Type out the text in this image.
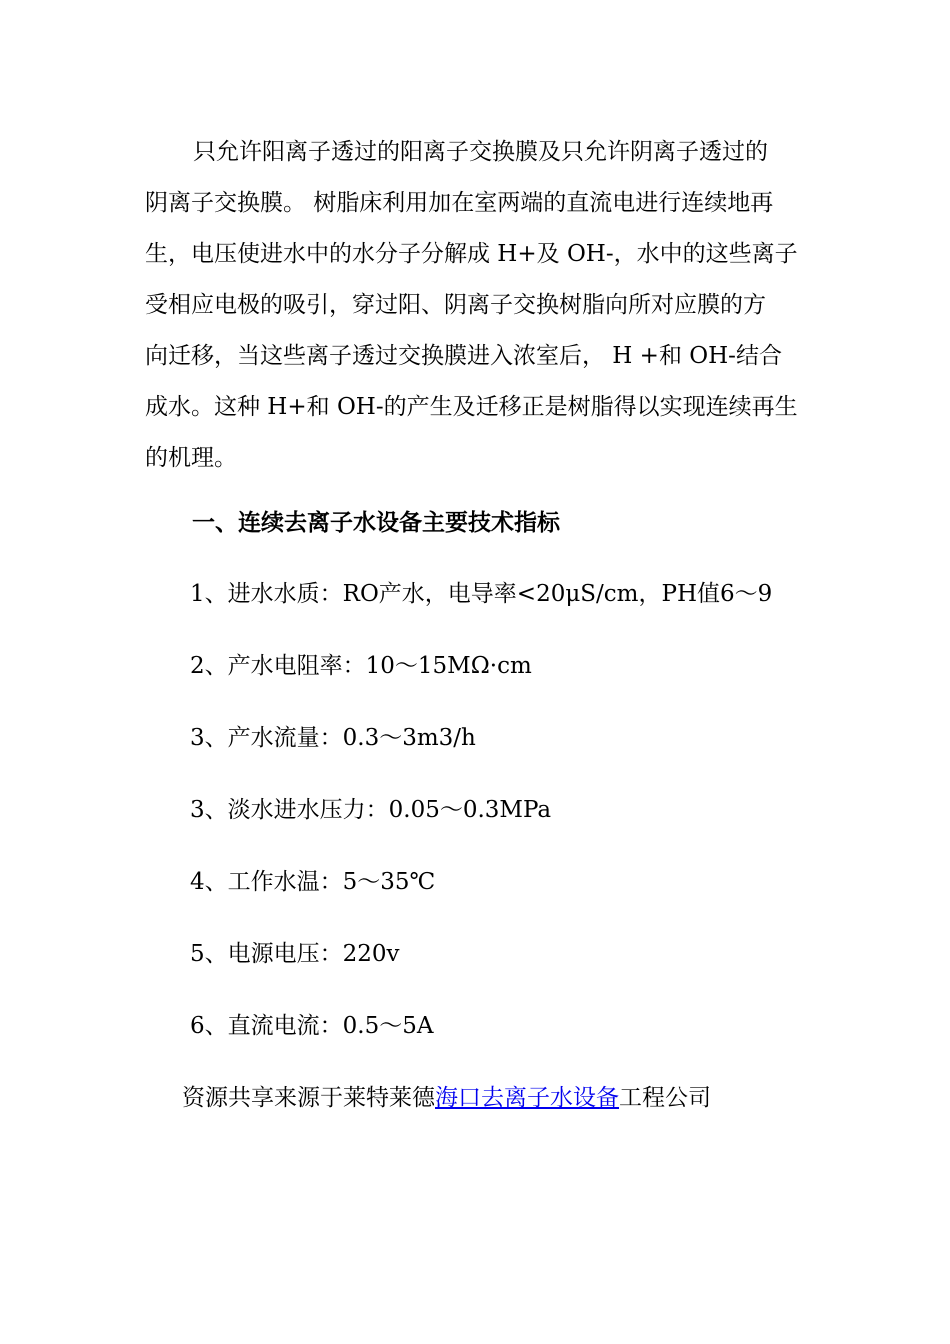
只允许阳离子透过的阳离子交换膜及只允许阴离子透过的
阴离子交换膜。 树脂床利用加在室两端的直流电进行连续地再
生，电压使进水中的水分子分解成 H+及 OH-，水中的这些离子
受相应电极的吸引，穿过阳、阴离子交换树脂向所对应膜的方
向迁移，当这些离子透过交换膜进入浓室后， H +和 OH-结合
成水。这种 H+和 OH-的产生及迁移正是树脂得以实现连续再生
的机理。
一、连续去离子水设备主要技术指标
1、进水水质：RO产水，电导率<20μS/cm，PH值6～9
2、产水电阻率：10～15MΩ·cm
3、产水流量：0.3～3m3/h
3、淡水进水压力：0.05～0.3MPa
4、工作水温：5～35℃
5、电源电压：220v
6、直流电流：0.5～5A

资源共享来源于莱特莱德海口去离子水设备工程公司
